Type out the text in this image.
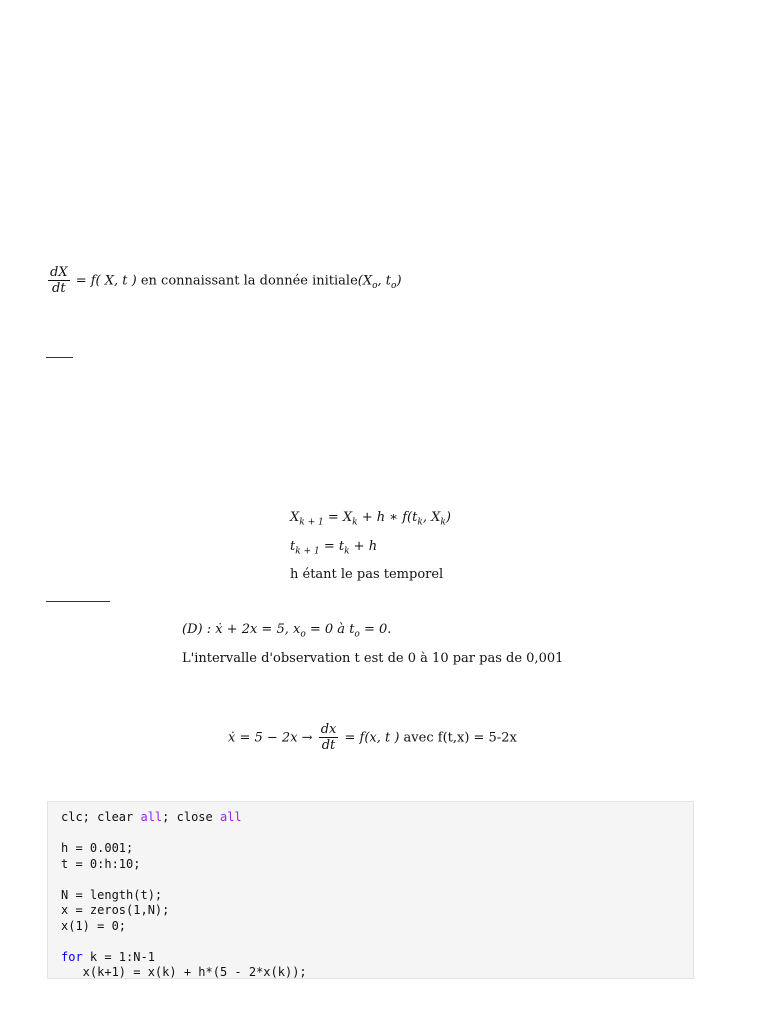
$\frac{dX}{dt} = f$( X, t ) en connaissant la donnée $initiale(X_o$, $t_o$)
$X_{k + 1} = X_k + h$ ∗ $f(t_k$, $X_k$)
$t_{k + 1} = t_k + h$
h étant le pas temporel
(D) : ẋ + 2x = 5, $x_o = 0$ à $t_o = 0$.
L'intervalle d'observation t est de 0 à 10 par pas de 0,001
ẋ = $5 - 2x \to \frac{dx}{dt} = f(x$, t ) avec f(t,x) = 5-2x
clc; clear all; close all
h = 0.001;
t = 0:h:10;
N = length(t);
x = zeros(1,N);
x(1) = 0;
for k = 1:N-1
x(k+1) = x(k) + h*(5 - 2*x(k));
